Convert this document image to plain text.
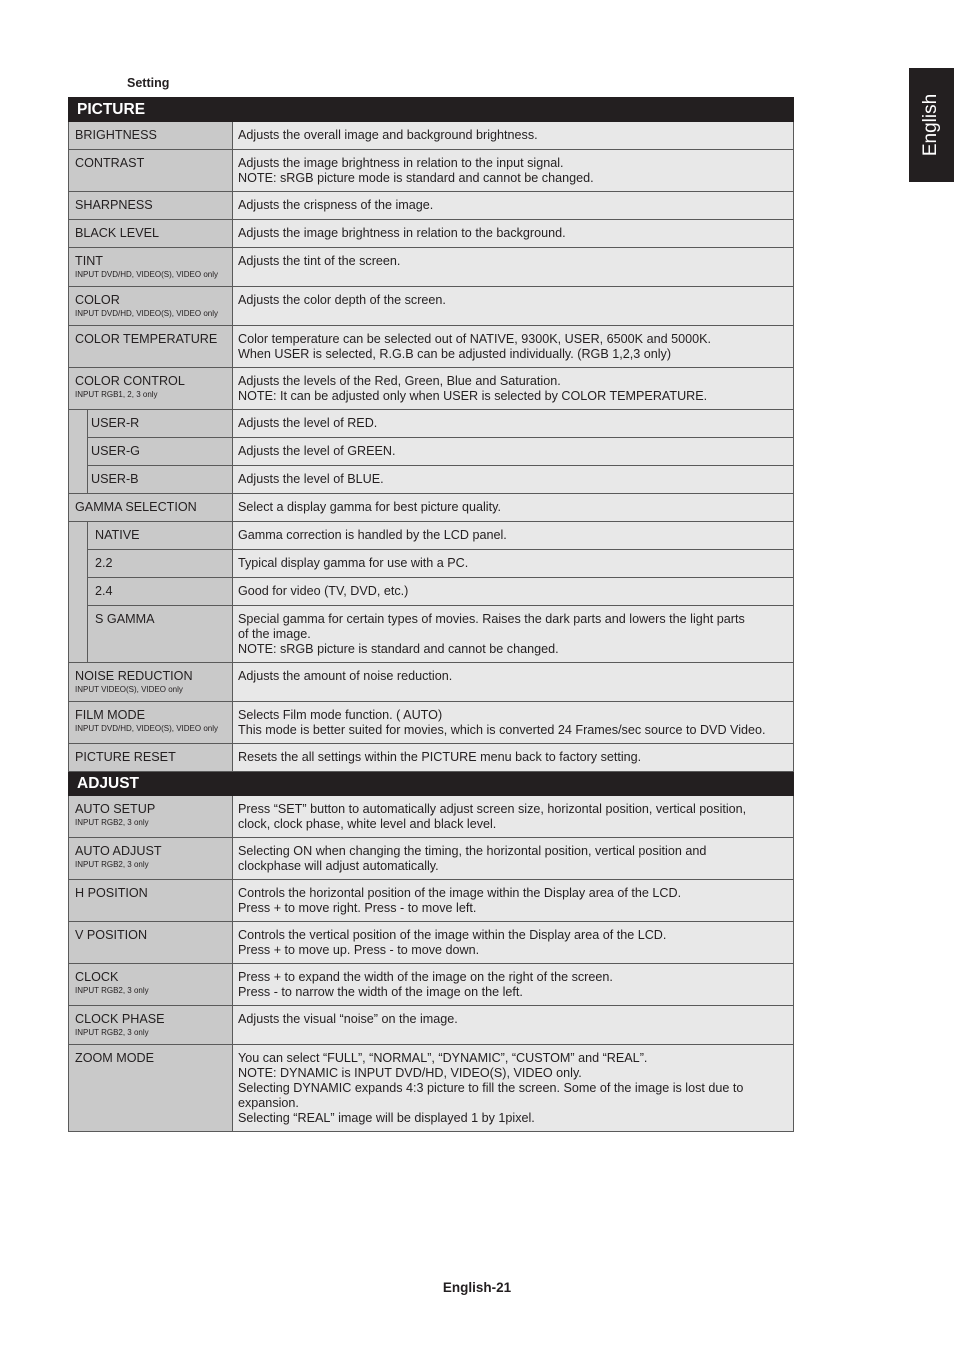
Setting
English
PICTURE		

BRIGHTNESS		Adjusts the overall image and background brightness.

CONTRAST		Adjusts the image brightness in relation to the input signal.
NOTE: sRGB picture mode is standard and cannot be changed.

SHARPNESS		Adjusts the crispness of the image.

BLACK LEVEL		Adjusts the image brightness in relation to the background.

TINT
INPUT DVD/HD, VIDEO(S), VIDEO only		Adjusts the tint of the screen.

COLOR
INPUT DVD/HD, VIDEO(S), VIDEO only		Adjusts the color depth of the screen.

COLOR TEMPERATURE		Color temperature can be selected out of NATIVE, 9300K, USER, 6500K and 5000K.
When USER is selected, R.G.B can be adjusted individually. (RGB 1,2,3 only)

COLOR CONTROL
INPUT RGB1, 2, 3 only		Adjusts the levels of the Red, Green, Blue and Saturation.
NOTE: It can be adjusted only when USER is selected by COLOR TEMPERATURE.

	USER-R	Adjusts the level of RED.

	USER-G	Adjusts the level of GREEN.

	USER-B	Adjusts the level of BLUE.

GAMMA SELECTION		Select a display gamma for best picture quality.

	NATIVE	Gamma correction is handled by the LCD panel.

	2.2	Typical display gamma for use with a PC.

	2.4	Good for video (TV, DVD, etc.)

	S GAMMA	Special gamma for certain types of movies. Raises the dark parts and lowers the light parts
of the image.
NOTE: sRGB picture is standard and cannot be changed.

NOISE REDUCTION
INPUT VIDEO(S), VIDEO only		Adjusts the amount of noise reduction.

FILM MODE
INPUT DVD/HD, VIDEO(S), VIDEO only		Selects Film mode function. ( AUTO)
This mode is better suited for movies, which is converted 24 Frames/sec source to DVD Video.

PICTURE RESET		Resets the all settings within the PICTURE menu back to factory setting.

ADJUST		

AUTO SETUP
INPUT RGB2, 3 only		Press “SET” button to automatically adjust screen size, horizontal position, vertical position,
clock, clock phase, white level and black level.

AUTO ADJUST
INPUT RGB2, 3 only		Selecting ON when changing the timing, the horizontal position, vertical position and
clockphase will adjust automatically.

H POSITION		Controls the horizontal position of the image within the Display area of the LCD.
Press + to move right. Press - to move left.

V POSITION		Controls the vertical position of the image within the Display area of the LCD.
Press + to move up. Press - to move down.

CLOCK
INPUT RGB2, 3 only		Press + to expand the width of the image on the right of the screen.
Press - to narrow the width of the image on the left.

CLOCK PHASE
INPUT RGB2, 3 only		Adjusts the visual “noise” on the image.

ZOOM MODE		You can select “FULL”, “NORMAL”, “DYNAMIC”, “CUSTOM” and “REAL”.
NOTE: DYNAMIC is INPUT DVD/HD, VIDEO(S), VIDEO only.
Selecting DYNAMIC expands 4:3 picture to fill the screen. Some of the image is lost due to
expansion.
Selecting “REAL” image will be displayed 1 by 1pixel.
English-21
